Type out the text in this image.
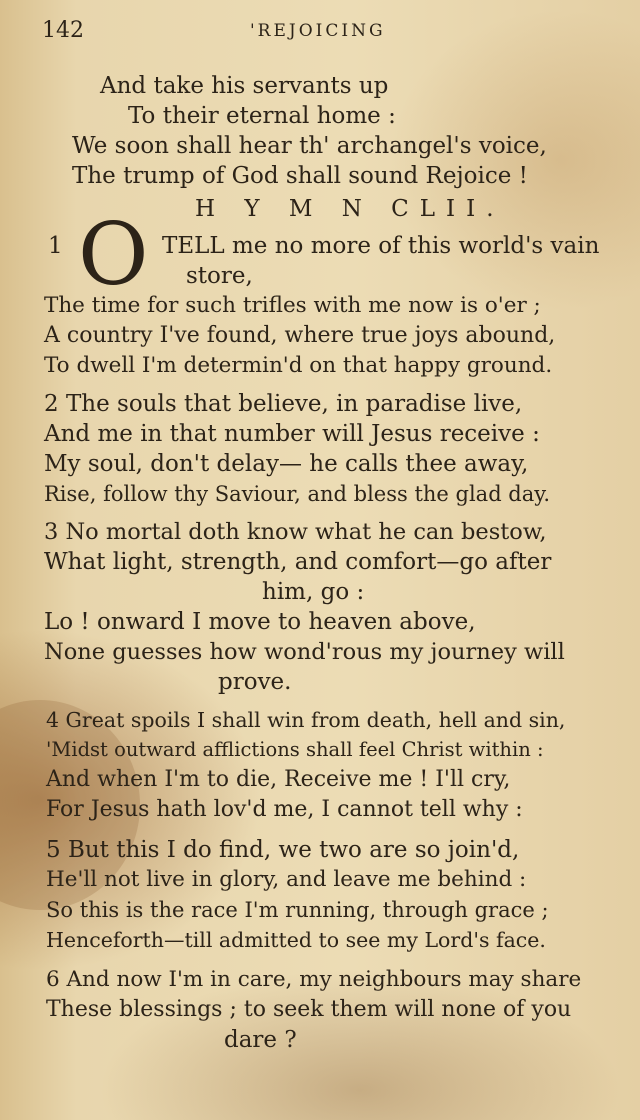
142	'REJOICING
And take his servants up
To their eternal home :
We soon shall hear th' archangel's voice,
The trump of God shall sound Rejoice !
H Y M N CLII.
1 O TELL me no more of this world's vain
store,
The time for such trifles with me now is o'er ;
A country I've found, where true joys abound,
To dwell I'm determin'd on that happy ground.
2 The souls that believe, in paradise live,
And me in that number will Jesus receive :
My soul, don't delay— he calls thee away,
Rise, follow thy Saviour, and bless the glad day.
3 No mortal doth know what he can bestow,
What light, strength, and comfort—go after
him, go :
Lo ! onward I move to heaven above,
None guesses how wond'rous my journey will
prove.
4 Great spoils I shall win from death, hell and sin,
'Midst outward afflictions shall feel Christ within :
And when I'm to die, Receive me ! I'll cry,
For Jesus hath lov'd me, I cannot tell why :
5 But this I do find, we two are so join'd,
He'll not live in glory, and leave me behind :
So this is the race I'm running, through grace ;
Henceforth—till admitted to see my Lord's face.
6 And now I'm in care, my neighbours may share
These blessings ; to seek them will none of you
dare ?
